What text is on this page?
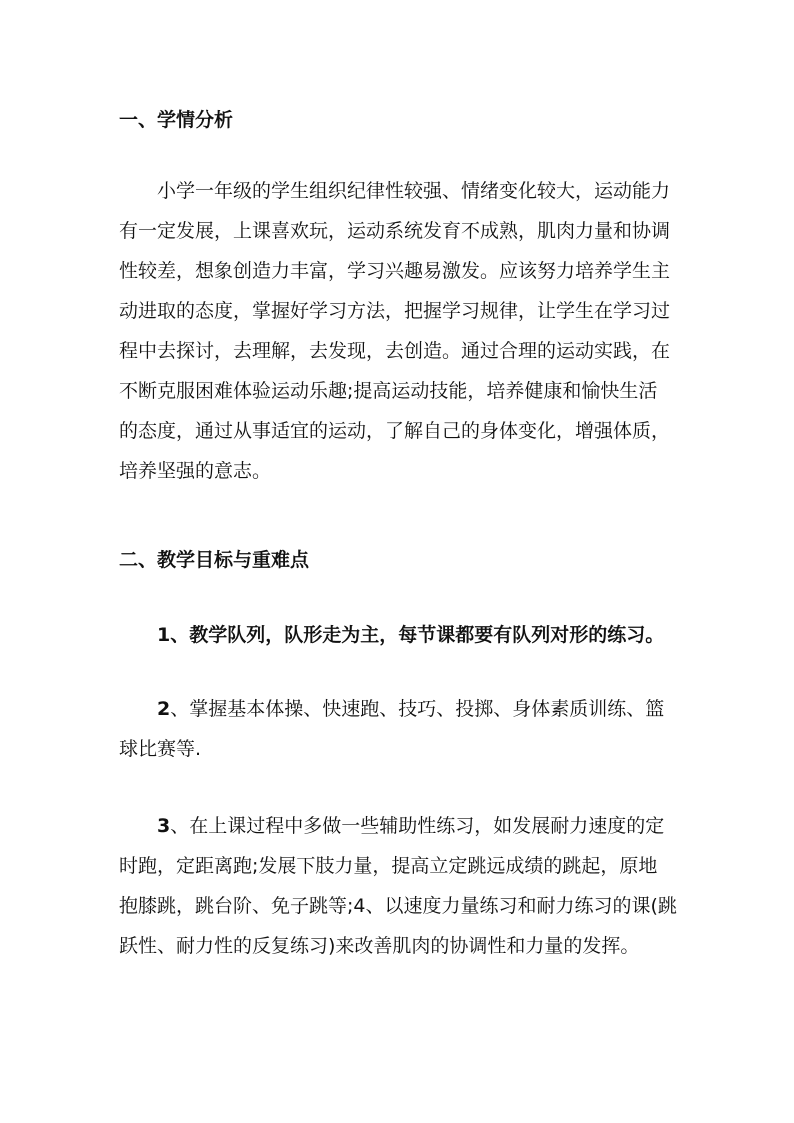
一、学情分析
小学一年级的学生组织纪律性较强、情绪变化较大，运动能力
有一定发展，上课喜欢玩，运动系统发育不成熟，肌肉力量和协调
性较差，想象创造力丰富，学习兴趣易激发。应该努力培养学生主
动进取的态度，掌握好学习方法，把握学习规律，让学生在学习过
程中去探讨，去理解，去发现，去创造。通过合理的运动实践，在
不断克服困难体验运动乐趣;提高运动技能，培养健康和愉快生活
的态度，通过从事适宜的运动，了解自己的身体变化，增强体质，
培养坚强的意志。
二、教学目标与重难点
1、教学队列，队形走为主，每节课都要有队列对形的练习。
2、掌握基本体操、快速跑、技巧、投掷、身体素质训练、篮
球比赛等.
3、在上课过程中多做一些辅助性练习，如发展耐力速度的定
时跑，定距离跑;发展下肢力量，提高立定跳远成绩的跳起，原地
抱膝跳，跳台阶、免子跳等;4、以速度力量练习和耐力练习的课(跳
跃性、耐力性的反复练习)来改善肌肉的协调性和力量的发挥。
